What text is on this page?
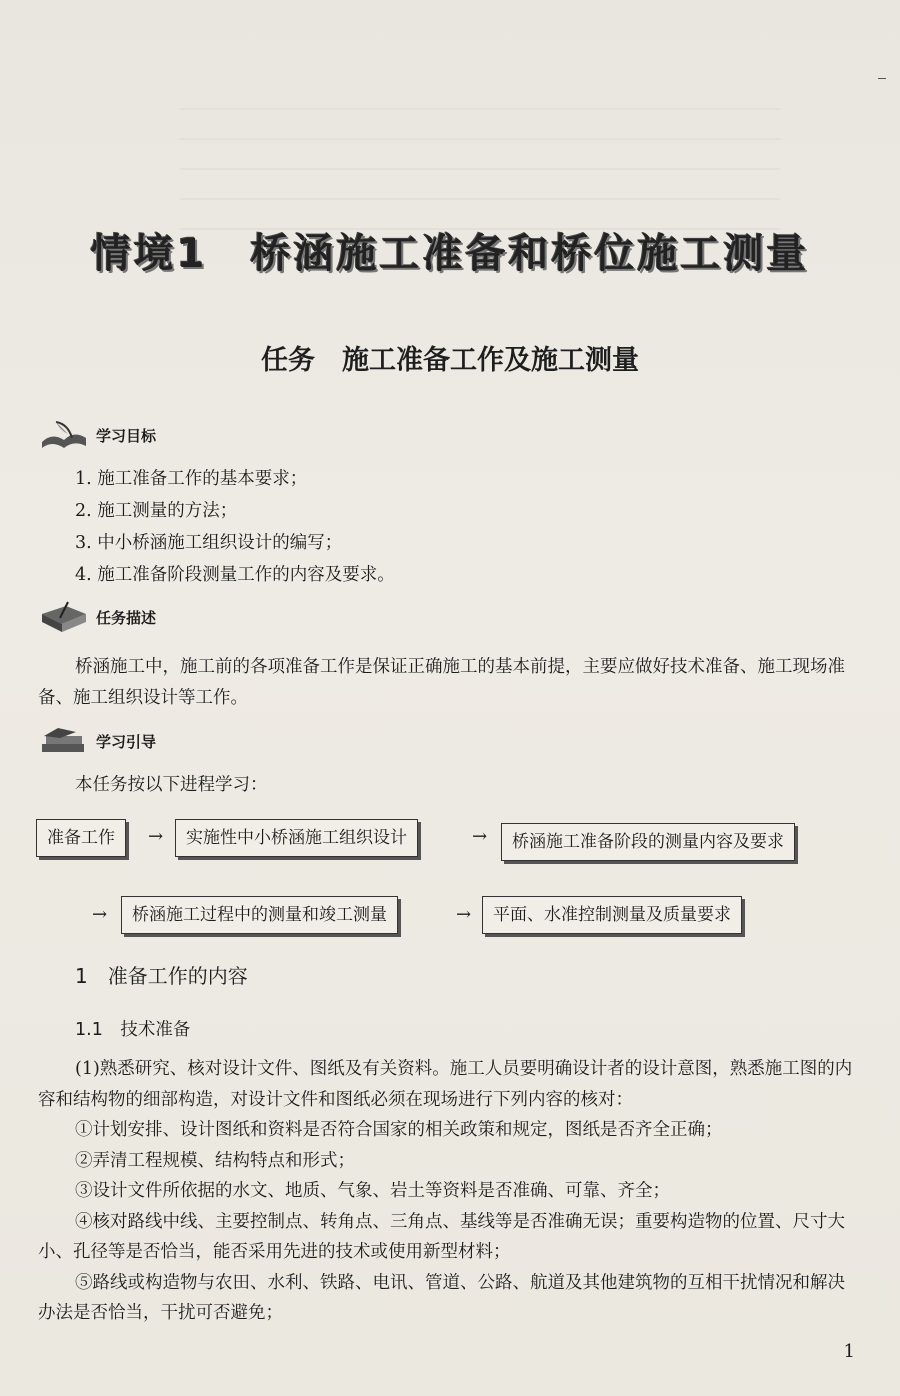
情境1　桥涵施工准备和桥位施工测量
任务　施工准备工作及施工测量
学习目标
1. 施工准备工作的基本要求；
2. 施工测量的方法；
3. 中小桥涵施工组织设计的编写；
4. 施工准备阶段测量工作的内容及要求。
任务描述
桥涵施工中，施工前的各项准备工作是保证正确施工的基本前提，主要应做好技术准备、施工现场准备、施工组织设计等工作。
学习引导
本任务按以下进程学习：
准备工作	→	实施性中小桥涵施工组织设计	→	桥涵施工准备阶段的测量内容及要求
→	桥涵施工过程中的测量和竣工测量	→	平面、水准控制测量及质量要求
1　准备工作的内容
1.1　技术准备

(1)熟悉研究、核对设计文件、图纸及有关资料。施工人员要明确设计者的设计意图，熟悉施工图的内容和结构物的细部构造，对设计文件和图纸必须在现场进行下列内容的核对：

①计划安排、设计图纸和资料是否符合国家的相关政策和规定，图纸是否齐全正确；

②弄清工程规模、结构特点和形式；

③设计文件所依据的水文、地质、气象、岩土等资料是否准确、可靠、齐全；

④核对路线中线、主要控制点、转角点、三角点、基线等是否准确无误；重要构造物的位置、尺寸大小、孔径等是否恰当，能否采用先进的技术或使用新型材料；

⑤路线或构造物与农田、水利、铁路、电讯、管道、公路、航道及其他建筑物的互相干扰情况和解决办法是否恰当，干扰可否避免；

1
